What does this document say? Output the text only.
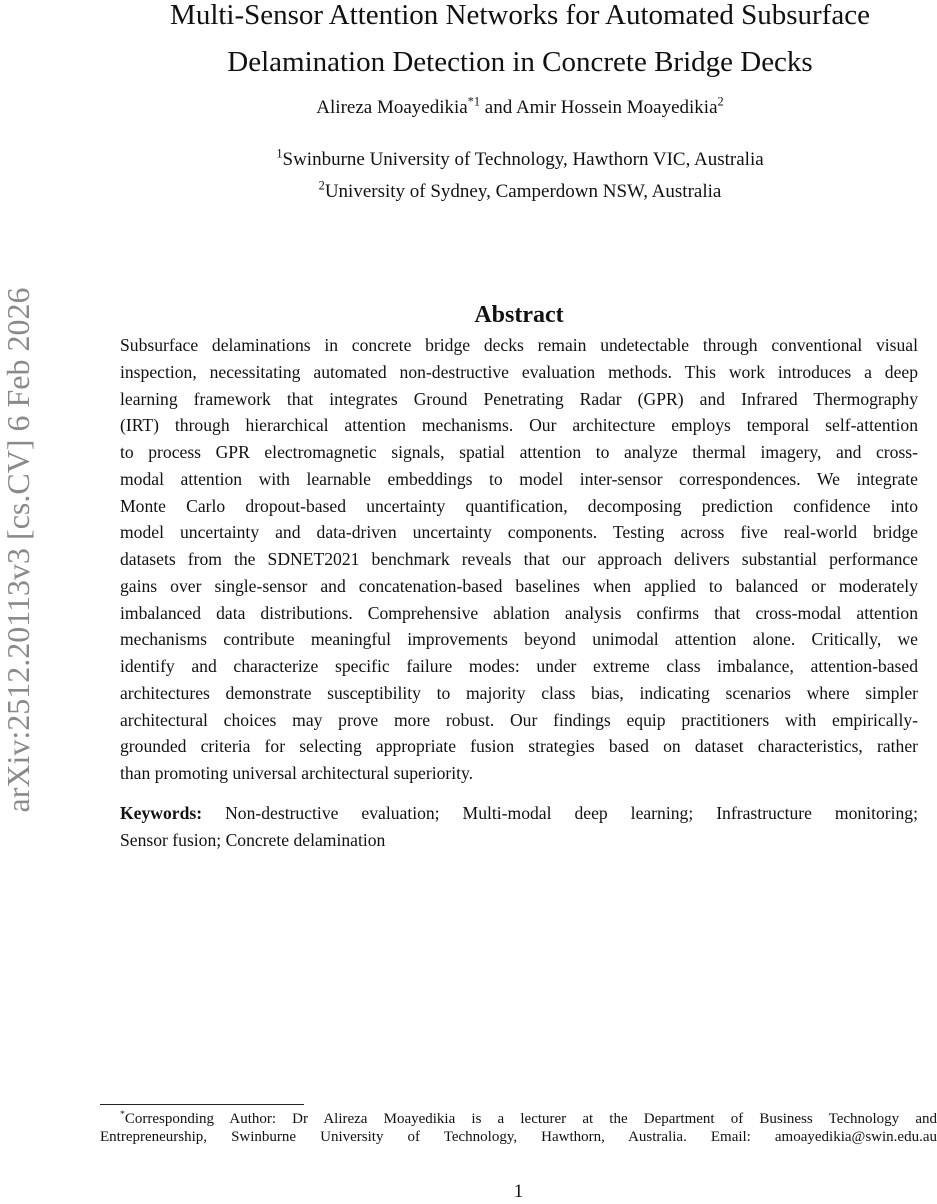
arXiv:2512.20113v3 [cs.CV] 6 Feb 2026
Multi-Sensor Attention Networks for Automated Subsurface
Delamination Detection in Concrete Bridge Decks
Alireza Moayedikia$^{*1}$ and Amir Hossein Moayedikia$^2$
$^1$Swinburne University of Technology, Hawthorn VIC, Australia
$^2$University of Sydney, Camperdown NSW, Australia
Abstract
Subsurface delaminations in concrete bridge decks remain undetectable through conventional visual
inspection, necessitating automated non-destructive evaluation methods. This work introduces a deep
learning framework that integrates Ground Penetrating Radar (GPR) and Infrared Thermography
(IRT) through hierarchical attention mechanisms. Our architecture employs temporal self-attention
to process GPR electromagnetic signals, spatial attention to analyze thermal imagery, and cross-
modal attention with learnable embeddings to model inter-sensor correspondences. We integrate
Monte Carlo dropout-based uncertainty quantification, decomposing prediction confidence into
model uncertainty and data-driven uncertainty components. Testing across five real-world bridge
datasets from the SDNET2021 benchmark reveals that our approach delivers substantial performance
gains over single-sensor and concatenation-based baselines when applied to balanced or moderately
imbalanced data distributions. Comprehensive ablation analysis confirms that cross-modal attention
mechanisms contribute meaningful improvements beyond unimodal attention alone. Critically, we
identify and characterize specific failure modes: under extreme class imbalance, attention-based
architectures demonstrate susceptibility to majority class bias, indicating scenarios where simpler
architectural choices may prove more robust. Our findings equip practitioners with empirically-
grounded criteria for selecting appropriate fusion strategies based on dataset characteristics, rather
than promoting universal architectural superiority.
Keywords: Non-destructive evaluation; Multi-modal deep learning; Infrastructure monitoring;
Sensor fusion; Concrete delamination
*Corresponding Author: Dr Alireza Moayedikia is a lecturer at the Department of Business Technology and
Entrepreneurship, Swinburne University of Technology, Hawthorn, Australia. Email: amoayedikia@swin.edu.au
1
